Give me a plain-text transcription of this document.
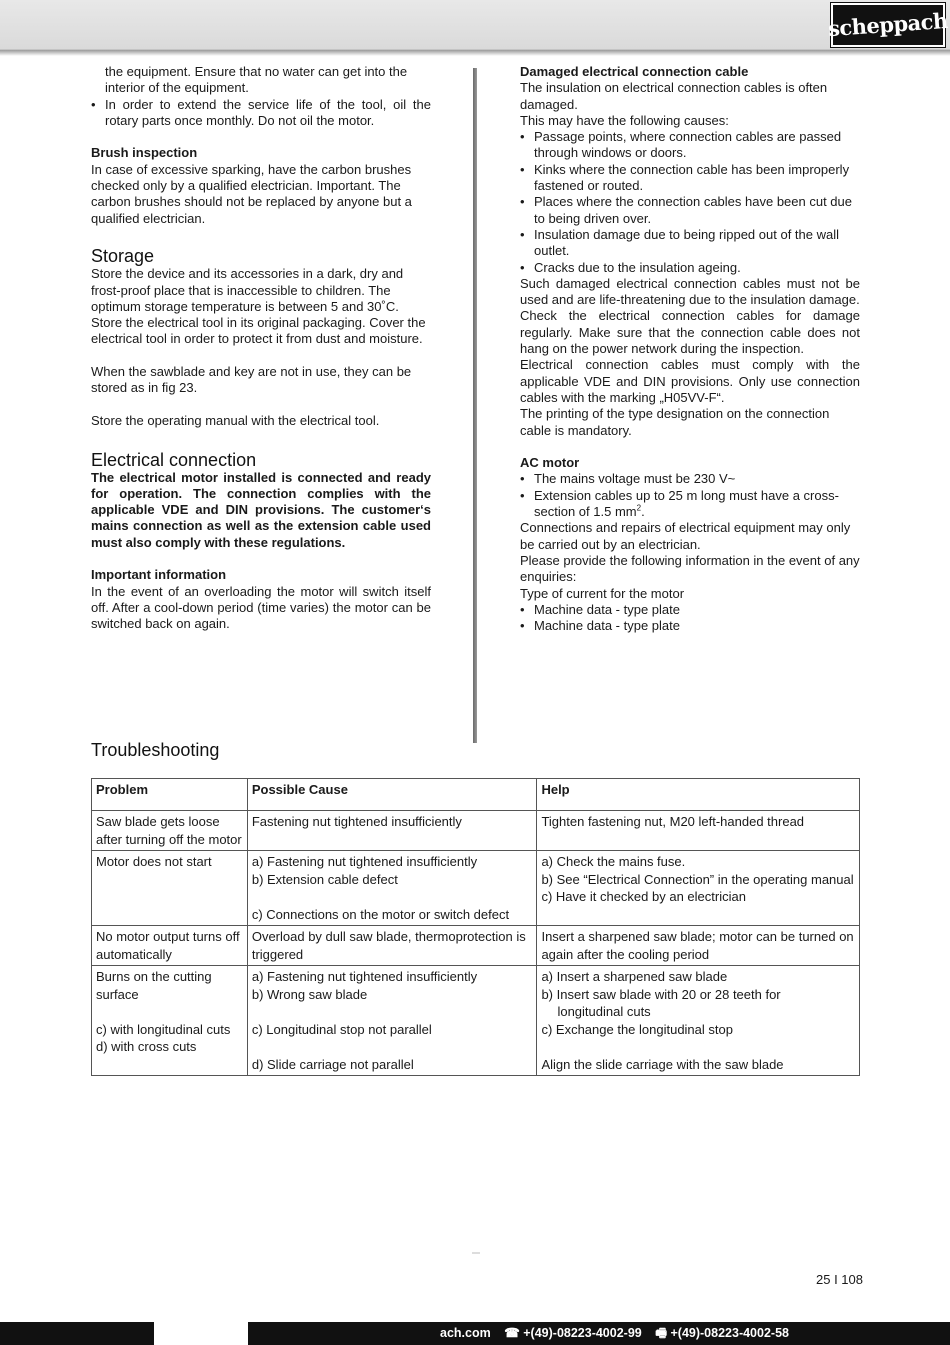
scheppach

the equipment. Ensure that no water can get into the

interior of the equipment.

• In order to extend the service life of the tool, oil the rotary parts once monthly. Do not oil the motor.

Brush inspection

In case of excessive sparking, have the carbon brushes checked only by a qualified electrician. Important. The carbon brushes should not be replaced by anyone but a qualified electrician.

Storage

Store the device and its accessories in a dark, dry and frost-proof place that is inaccessible to children. The optimum storage temperature is between 5 and 30˚C. Store the electrical tool in its original packaging. Cover the electrical tool in order to protect it from dust and moisture.

When the sawblade and key are not in use, they can be stored as in fig 23.

Store the operating manual with the electrical tool.

Electrical connection

The electrical motor installed is connected and ready for operation. The connection complies with the applicable VDE and DIN provisions. The customer‘s mains connection as well as the extension cable used must also comply with these regulations.

Important information

In the event of an overloading the motor will switch itself off. After a cool-down period (time varies) the motor can be switched back on again.

Damaged electrical connection cable

The insulation on electrical connection cables is often damaged.

This may have the following causes:

• Passage points, where connection cables are passed through windows or doors.
• Kinks where the connection cable has been improperly fastened or routed.
• Places where the connection cables have been cut due to being driven over.
• Insulation damage due to being ripped out of the wall outlet.
• Cracks due to the insulation ageing.

Such damaged electrical connection cables must not be used and are life-threatening due to the insulation damage.

Check the electrical connection cables for damage regularly. Make sure that the connection cable does not hang on the power network during the inspection.

Electrical connection cables must comply with the applicable VDE and DIN provisions. Only use connection cables with the marking „H05VV-F“.

The printing of the type designation on the connection cable is mandatory.

AC motor

• The mains voltage must be 230 V~
• Extension cables up to 25 m long must have a cross-section of 1.5 $mm^2$.

Connections and repairs of electrical equipment may only be carried out by an electrician.

Please provide the following information in the event of any enquiries:

Type of current for the motor

• Machine data - type plate
• Machine data - type plate
Troubleshooting
Problem	Possible Cause	Help

Saw blade gets loose after turning off the motor	Fastening nut tightened insufficiently	Tighten fastening nut, M20 left-handed thread

Motor does not start	a) Fastening nut tightened insufficiently
b) Extension cable defect
c) Connections on the motor or switch defect	a) Check the mains fuse.
b) See “Electrical Connection” in the operating manual
c) Have it checked by an electrician

No motor output turns off automatically	Overload by dull saw blade, thermoprotection is triggered	Insert a sharpened saw blade; motor can be turned on again after the cooling period

Burns on the cutting surface
c) with longitudinal cuts
d) with cross cuts	a) Fastening nut tightened insufficiently
b) Wrong saw blade
c) Longitudinal stop not parallel
d) Slide carriage not parallel	a) Insert a sharpened saw blade
b) Insert saw blade with 20 or 28 teeth for
longitudinal cuts
c) Exchange the longitudinal stop
Align the slide carriage with the saw blade
25 I 108
ach.com ☎ +(49)-08223-4002-99 🖷 +(49)-08223-4002-58
